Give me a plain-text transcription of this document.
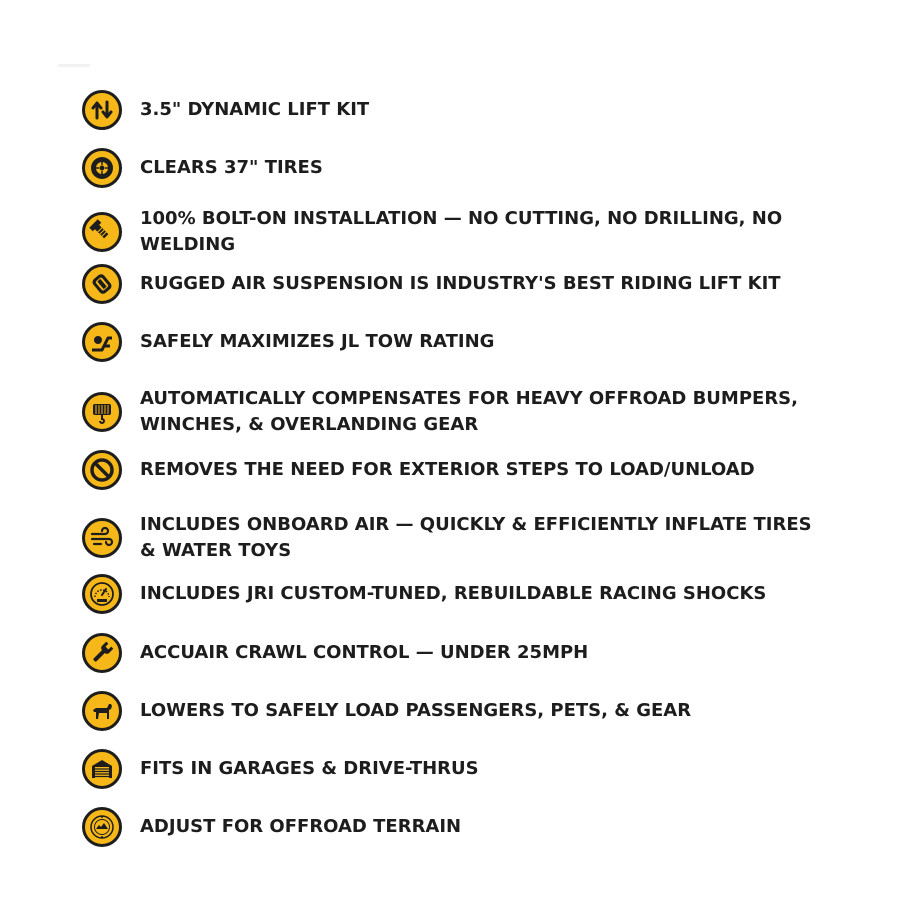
3.5" DYNAMIC LIFT KIT
CLEARS 37" TIRES
100% BOLT-ON INSTALLATION — NO CUTTING, NO DRILLING, NO WELDING
RUGGED AIR SUSPENSION IS INDUSTRY'S BEST RIDING LIFT KIT
SAFELY MAXIMIZES JL TOW RATING
AUTOMATICALLY COMPENSATES FOR HEAVY OFFROAD BUMPERS, WINCHES, & OVERLANDING GEAR
REMOVES THE NEED FOR EXTERIOR STEPS TO LOAD/UNLOAD
INCLUDES ONBOARD AIR — QUICKLY & EFFICIENTLY INFLATE TIRES & WATER TOYS
INCLUDES JRI CUSTOM-TUNED, REBUILDABLE RACING SHOCKS
ACCUAIR CRAWL CONTROL — UNDER 25MPH
LOWERS TO SAFELY LOAD PASSENGERS, PETS, & GEAR
FITS IN GARAGES & DRIVE-THRUS
ADJUST FOR OFFROAD TERRAIN
